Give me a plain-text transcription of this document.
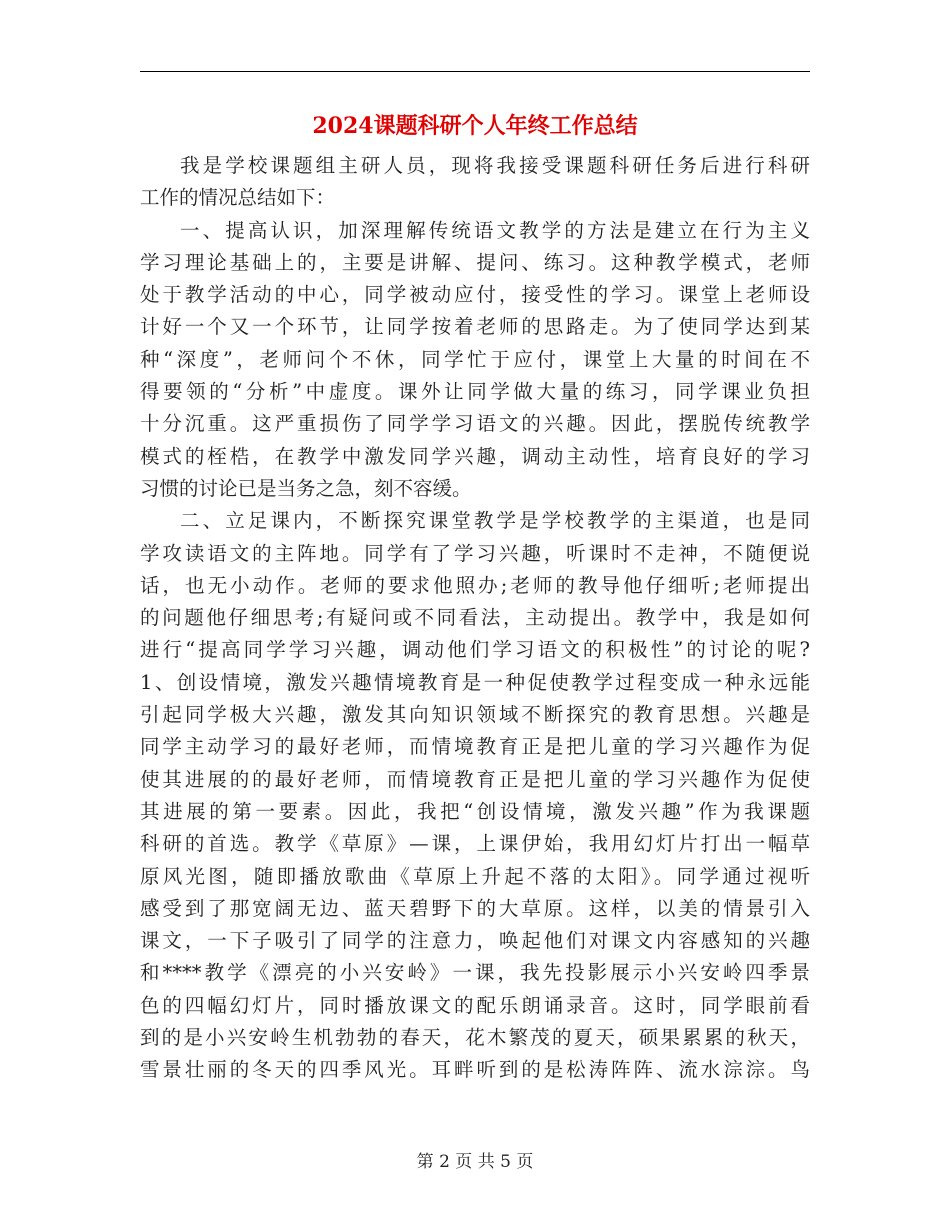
2024课题科研个人年终工作总结
我是学校课题组主研人员，现将我接受课题科研任务后进行科研
工作的情况总结如下：
一、提高认识，加深理解传统语文教学的方法是建立在行为主义
学习理论基础上的，主要是讲解、提问、练习。这种教学模式，老师
处于教学活动的中心，同学被动应付，接受性的学习。课堂上老师设
计好一个又一个环节，让同学按着老师的思路走。为了使同学达到某
种“深度”，老师问个不休，同学忙于应付，课堂上大量的时间在不
得要领的“分析”中虚度。课外让同学做大量的练习，同学课业负担
十分沉重。这严重损伤了同学学习语文的兴趣。因此，摆脱传统教学
模式的桎梏，在教学中激发同学兴趣，调动主动性，培育良好的学习
习惯的讨论已是当务之急，刻不容缓。
二、立足课内，不断探究课堂教学是学校教学的主渠道，也是同
学攻读语文的主阵地。同学有了学习兴趣，听课时不走神，不随便说
话，也无小动作。老师的要求他照办;老师的教导他仔细听;老师提出
的问题他仔细思考;有疑问或不同看法，主动提出。教学中，我是如何
进行“提高同学学习兴趣，调动他们学习语文的积极性”的讨论的呢?
1、创设情境，激发兴趣情境教育是一种促使教学过程变成一种永远能
引起同学极大兴趣，激发其向知识领域不断探究的教育思想。兴趣是
同学主动学习的最好老师，而情境教育正是把儿童的学习兴趣作为促
使其进展的的最好老师，而情境教育正是把儿童的学习兴趣作为促使
其进展的第一要素。因此，我把“创设情境，激发兴趣”作为我课题
科研的首选。教学《草原》—课，上课伊始，我用幻灯片打出一幅草
原风光图，随即播放歌曲《草原上升起不落的太阳》。同学通过视听
感受到了那宽阔无边、蓝天碧野下的大草原。这样，以美的情景引入
课文，一下子吸引了同学的注意力，唤起他们对课文内容感知的兴趣
和****教学《漂亮的小兴安岭》一课，我先投影展示小兴安岭四季景
色的四幅幻灯片，同时播放课文的配乐朗诵录音。这时，同学眼前看
到的是小兴安岭生机勃勃的春天，花木繁茂的夏天，硕果累累的秋天，
雪景壮丽的冬天的四季风光。耳畔听到的是松涛阵阵、流水淙淙。鸟
第 2 页 共 5 页
